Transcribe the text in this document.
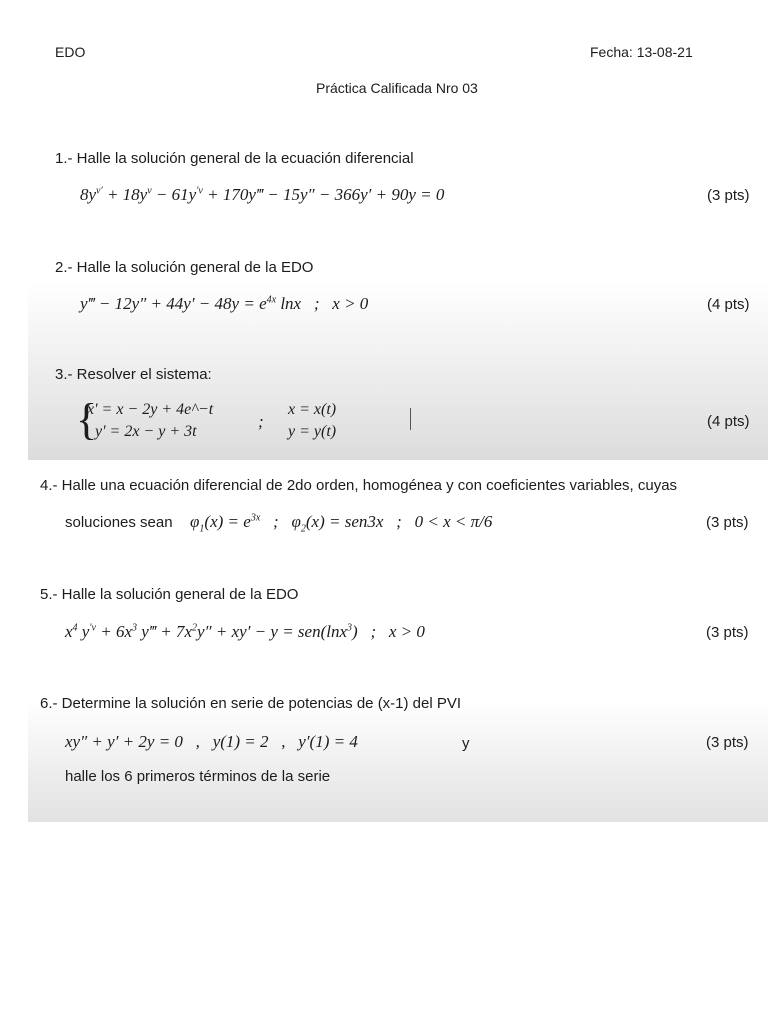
EDO	Fecha: 13-08-21
Práctica Calificada Nro 03
1.- Halle la solución general de la ecuación diferencial
$8y^{v'} + 18y^v - 61y^{'v}$ + 170y‴ − 15y″ − 366y′ + 90y = 0	(3 pts)
2.- Halle la solución general de la EDO
y‴ − $12y'' + 44y' - 48y = e^{4x}$ lnx   ;   x > 0	(4 pts)
3.- Resolver el sistema:
{
x' = x − 2y + 4e^−t
y' = 2x − y + 3t
;
x = x(t)
y = y(t)
(4 pts)
4.- Halle una ecuación diferencial de 2do orden, homogénea y con coeficientes variables, cuyas
soluciones sean $\varphi_1(x) = e^{3x}$   ;   $\varphi_2(x) = sen3x$   ;   0 < x < π/6	(3 pts)
5.- Halle la solución general de la EDO
$x^4$ $y^{'v} + 6x^3$ y‴ + $7x^2y'' + xy' - y = sen(\ln x^3)$   ;   x > 0	(3 pts)
6.- Determine la solución en serie de potencias de (x-1) del PVI
xy″ + y′ + 2y = 0   ,   y(1) = 2   ,   y′(1) = 4	y	(3 pts)
halle los 6 primeros términos de la serie
